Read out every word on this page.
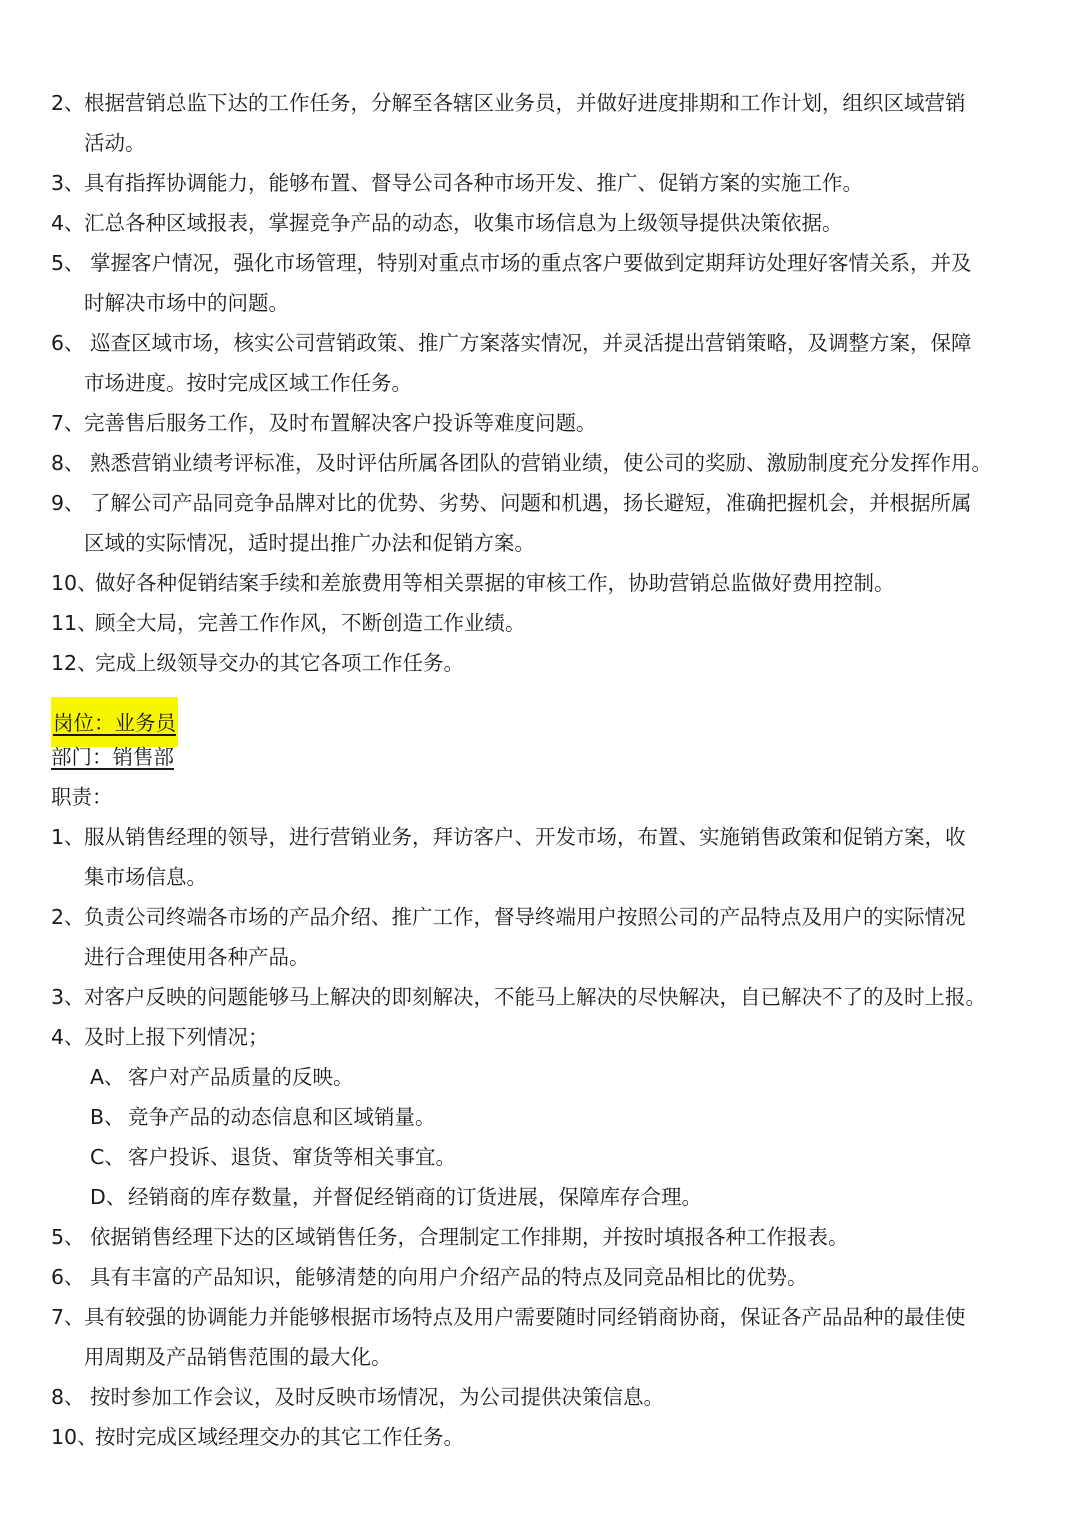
2、 根据营销总监下达的工作任务，分解至各辖区业务员，并做好进度排期和工作计划，组织区域营销
活动。
3、 具有指挥协调能力，能够布置、督导公司各种市场开发、推广、促销方案的实施工作。
4、 汇总各种区域报表，掌握竞争产品的动态，收集市场信息为上级领导提供决策依据。
5、 掌握客户情况，强化市场管理，特别对重点市场的重点客户要做到定期拜访处理好客情关系，并及
时解决市场中的问题。
6、 巡查区域市场，核实公司营销政策、推广方案落实情况，并灵活提出营销策略，及调整方案，保障
市场进度。按时完成区域工作任务。
7、 完善售后服务工作，及时布置解决客户投诉等难度问题。
8、 熟悉营销业绩考评标准，及时评估所属各团队的营销业绩，使公司的奖励、激励制度充分发挥作用。
9、 了解公司产品同竞争品牌对比的优势、劣势、问题和机遇，扬长避短，准确把握机会，并根据所属
区域的实际情况，适时提出推广办法和促销方案。
10、
做好各种促销结案手续和差旅费用等相关票据的审核工作，协助营销总监做好费用控制。
11、
顾全大局，完善工作作风，不断创造工作业绩。
12、
完成上级领导交办的其它各项工作任务。
岗位：业务员
部门：销售部
职责：
1、 服从销售经理的领导，进行营销业务，拜访客户、开发市场，布置、实施销售政策和促销方案，收
集市场信息。
2、 负责公司终端各市场的产品介绍、推广工作，督导终端用户按照公司的产品特点及用户的实际情况
进行合理使用各种产品。
3、 对客户反映的问题能够马上解决的即刻解决，不能马上解决的尽快解决，自已解决不了的及时上报。
4、 及时上报下列情况；
A、 客户对产品质量的反映。
B、 竞争产品的动态信息和区域销量。
C、 客户投诉、退货、窜货等相关事宜。
D、经销商的库存数量，并督促经销商的订货进展，保障库存合理。
5、 依据销售经理下达的区域销售任务，合理制定工作排期，并按时填报各种工作报表。
6、 具有丰富的产品知识，能够清楚的向用户介绍产品的特点及同竞品相比的优势。
7、 具有较强的协调能力并能够根据市场特点及用户需要随时同经销商协商，保证各产品品种的最佳使
用周期及产品销售范围的最大化。
8、 按时参加工作会议，及时反映市场情况，为公司提供决策信息。
10、
按时完成区域经理交办的其它工作任务。
